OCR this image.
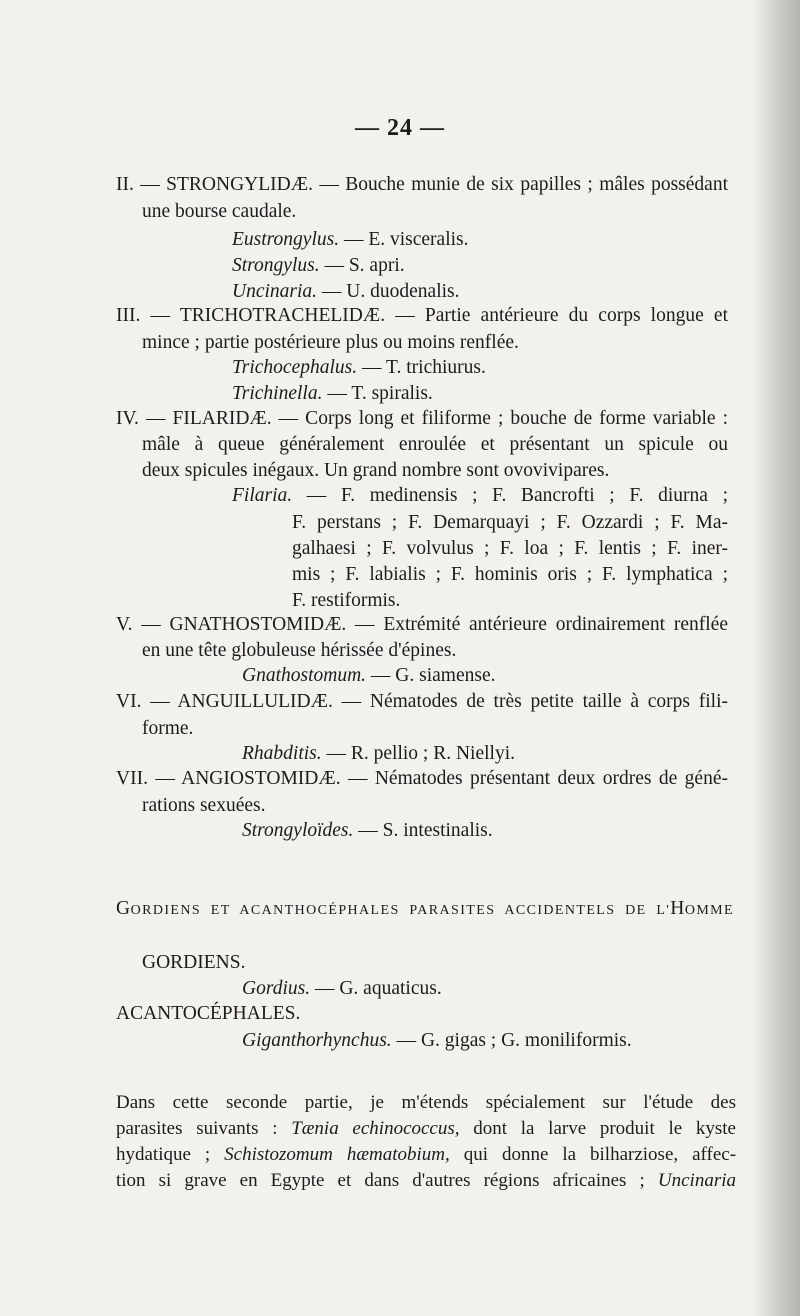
— 24 —
II. — STRONGYLIDÆ. — Bouche munie de six papilles ; mâles possédant
une bourse caudale.
Eustrongylus. — E. visceralis.
Strongylus. — S. apri.
Uncinaria. — U. duodenalis.
III. — TRICHOTRACHELIDÆ. — Partie antérieure du corps longue et
mince ; partie postérieure plus ou moins renflée.
Trichocephalus. — T. trichiurus.
Trichinella. — T. spiralis.
IV. — FILARIDÆ. — Corps long et filiforme ; bouche de forme variable :
mâle à queue généralement enroulée et présentant un spicule ou
deux spicules inégaux. Un grand nombre sont ovovivipares.
Filaria. — F. medinensis ; F. Bancrofti ; F. diurna ;
F. perstans ; F. Demarquayi ; F. Ozzardi ; F. Ma-
galhaesi ; F. volvulus ; F. loa ; F. lentis ; F. iner-
mis ; F. labialis ; F. hominis oris ; F. lymphatica ;
F. restiformis.
V. — GNATHOSTOMIDÆ. — Extrémité antérieure ordinairement renflée
en une tête globuleuse hérissée d'épines.
Gnathostomum. — G. siamense.
VI. — ANGUILLULIDÆ. — Nématodes de très petite taille à corps fili-
forme.
Rhabditis. — R. pellio ; R. Niellyi.
VII. — ANGIOSTOMIDÆ. — Nématodes présentant deux ordres de géné-
rations sexuées.
Strongyloïdes. — S. intestinalis.
GORDIENS ET ACANTHOCÉPHALES PARASITES ACCIDENTELS DE L'HOMME
GORDIENS.
Gordius. — G. aquaticus.
ACANTOCÉPHALES.
Giganthorhynchus. — G. gigas ; G. moniliformis.
Dans cette seconde partie, je m'étends spécialement sur l'étude des
parasites suivants : Tænia echinococcus, dont la larve produit le kyste
hydatique ; Schistozomum hæmatobium, qui donne la bilharziose, affec-
tion si grave en Egypte et dans d'autres régions africaines ; Uncinaria
